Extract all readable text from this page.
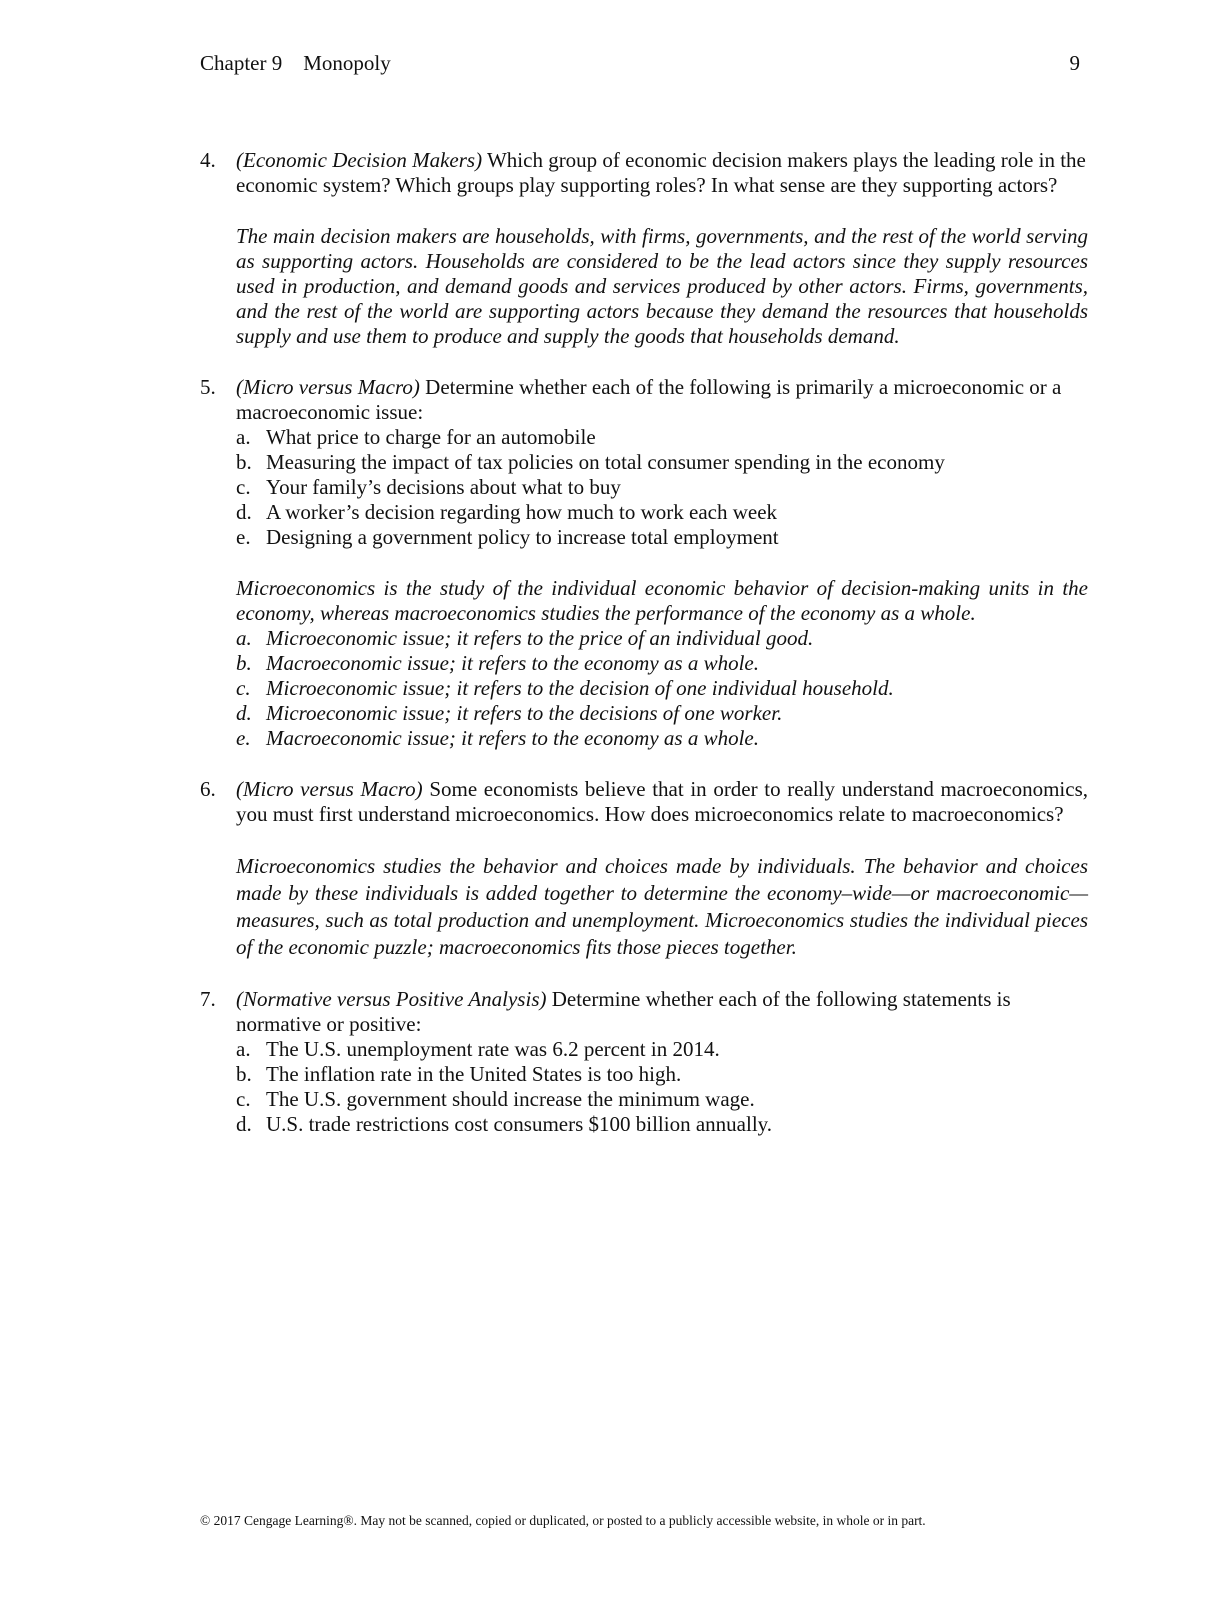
Chapter 9    Monopoly	9
4. (Economic Decision Makers) Which group of economic decision makers plays the leading role in the economic system? Which groups play supporting roles? In what sense are they supporting actors?
The main decision makers are households, with firms, governments, and the rest of the world serving as supporting actors. Households are considered to be the lead actors since they supply resources used in production, and demand goods and services produced by other actors. Firms, governments, and the rest of the world are supporting actors because they demand the resources that households supply and use them to produce and supply the goods that households demand.
5. (Micro versus Macro) Determine whether each of the following is primarily a microeconomic or a macroeconomic issue:
a. What price to charge for an automobile
b. Measuring the impact of tax policies on total consumer spending in the economy
c. Your family’s decisions about what to buy
d. A worker’s decision regarding how much to work each week
e. Designing a government policy to increase total employment
Microeconomics is the study of the individual economic behavior of decision-making units in the economy, whereas macroeconomics studies the performance of the economy as a whole.
a. Microeconomic issue; it refers to the price of an individual good.
b. Macroeconomic issue; it refers to the economy as a whole.
c. Microeconomic issue; it refers to the decision of one individual household.
d. Microeconomic issue; it refers to the decisions of one worker.
e. Macroeconomic issue; it refers to the economy as a whole.
6. (Micro versus Macro) Some economists believe that in order to really understand macroeconomics, you must first understand microeconomics. How does microeconomics relate to macroeconomics?
Microeconomics studies the behavior and choices made by individuals. The behavior and choices made by these individuals is added together to determine the economy–wide—or macroeconomic—measures, such as total production and unemployment. Microeconomics studies the individual pieces of the economic puzzle; macroeconomics fits those pieces together.
7. (Normative versus Positive Analysis) Determine whether each of the following statements is normative or positive:
a. The U.S. unemployment rate was 6.2 percent in 2014.
b. The inflation rate in the United States is too high.
c. The U.S. government should increase the minimum wage.
d. U.S. trade restrictions cost consumers $100 billion annually.
© 2017 Cengage Learning®. May not be scanned, copied or duplicated, or posted to a publicly accessible website, in whole or in part.
